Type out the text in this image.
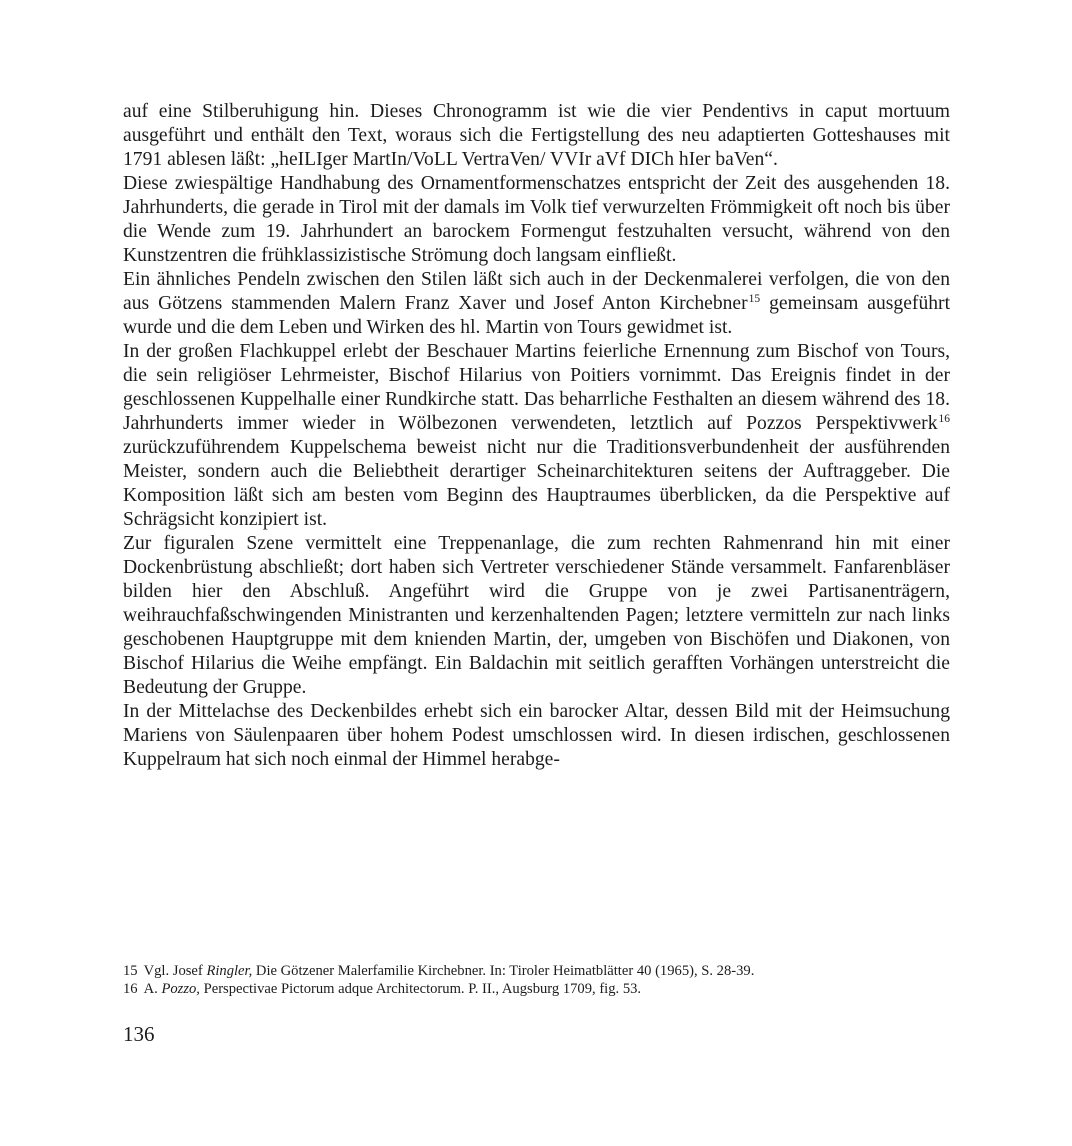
auf eine Stilberuhigung hin. Dieses Chronogramm ist wie die vier Pendentivs in caput mortuum ausgeführt und enthält den Text, woraus sich die Fertigstellung des neu adaptierten Gotteshauses mit 1791 ablesen läßt: „heILIger MartIn/VoLL VertraVen/ VVIr aVf DICh hIer baVen“.

Diese zwiespältige Handhabung des Ornamentformenschatzes entspricht der Zeit des ausgehenden 18. Jahrhunderts, die gerade in Tirol mit der damals im Volk tief verwurzelten Frömmigkeit oft noch bis über die Wende zum 19. Jahrhundert an barockem Formengut festzuhalten versucht, während von den Kunstzentren die frühklassizistische Strömung doch langsam einfließt.

Ein ähnliches Pendeln zwischen den Stilen läßt sich auch in der Deckenmalerei verfolgen, die von den aus Götzens stammenden Malern Franz Xaver und Josef Anton Kirchebner$^{15}$ gemeinsam ausgeführt wurde und die dem Leben und Wirken des hl. Martin von Tours gewidmet ist.

In der großen Flachkuppel erlebt der Beschauer Martins feierliche Ernennung zum Bischof von Tours, die sein religiöser Lehrmeister, Bischof Hilarius von Poitiers vornimmt. Das Ereignis findet in der geschlossenen Kuppelhalle einer Rundkirche statt. Das beharrliche Festhalten an diesem während des 18. Jahrhunderts immer wieder in Wölbezonen verwendeten, letztlich auf Pozzos Perspektivwerk$^{16}$ zurückzuführendem Kuppelschema beweist nicht nur die Traditionsverbundenheit der ausführenden Meister, sondern auch die Beliebtheit derartiger Scheinarchitekturen seitens der Auftraggeber. Die Komposition läßt sich am besten vom Beginn des Hauptraumes überblicken, da die Perspektive auf Schrägsicht konzipiert ist.

Zur figuralen Szene vermittelt eine Treppenanlage, die zum rechten Rahmenrand hin mit einer Dockenbrüstung abschließt; dort haben sich Vertreter verschiedener Stände versammelt. Fanfarenbläser bilden hier den Abschluß. Angeführt wird die Gruppe von je zwei Partisanenträgern, weihrauchfaßschwingenden Ministranten und kerzenhaltenden Pagen; letztere vermitteln zur nach links geschobenen Hauptgruppe mit dem knienden Martin, der, umgeben von Bischöfen und Diakonen, von Bischof Hilarius die Weihe empfängt. Ein Baldachin mit seitlich gerafften Vorhängen unterstreicht die Bedeutung der Gruppe.

In der Mittelachse des Deckenbildes erhebt sich ein barocker Altar, dessen Bild mit der Heimsuchung Mariens von Säulenpaaren über hohem Podest umschlossen wird. In diesen irdischen, geschlossenen Kuppelraum hat sich noch einmal der Himmel herabge-

15 Vgl. Josef Ringler, Die Götzener Malerfamilie Kirchebner. In: Tiroler Heimatblätter 40 (1965), S. 28-39.

16 A. Pozzo, Perspectivae Pictorum adque Architectorum. P. II., Augsburg 1709, fig. 53.

136
